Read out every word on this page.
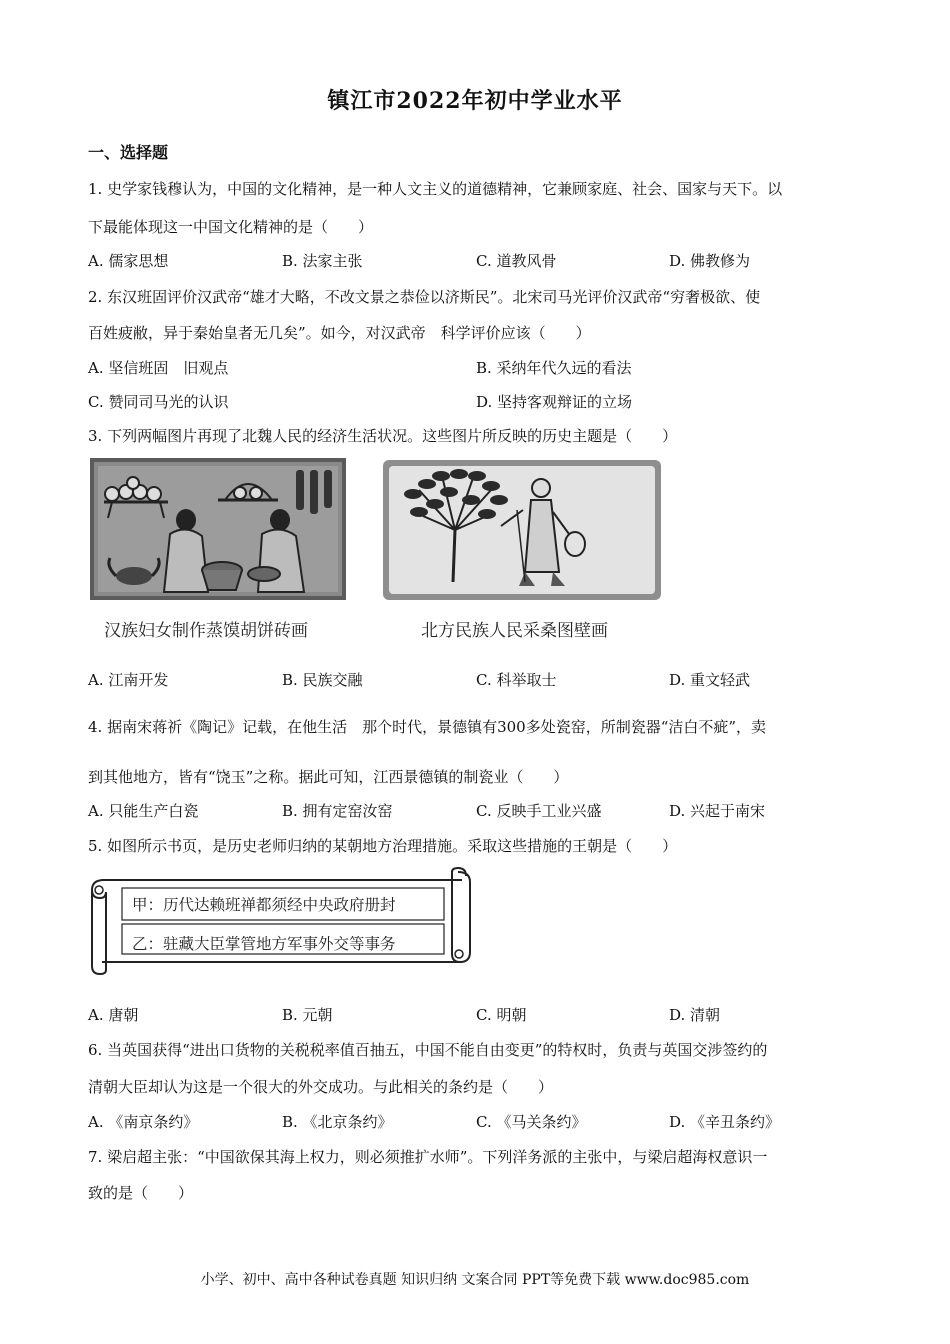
镇江市2022年初中学业水平
一、选择题
1. 史学家钱穆认为，中国的文化精神，是一种人文主义的道德精神，它兼顾家庭、社会、国家与天下。以
下最能体现这一中国文化精神的是（　　）
A. 儒家思想	B. 法家主张	C. 道教风骨	D. 佛教修为
2. 东汉班固评价汉武帝“雄才大略，不改文景之恭俭以济斯民”。北宋司马光评价汉武帝“穷奢极欲、使
百姓疲敝，异于秦始皇者无几矣”。如今，对汉武帝　科学评价应该（　　）
A. 坚信班固　旧观点	B. 采纳年代久远的看法
C. 赞同司马光的认识	D. 坚持客观辩证的立场
3. 下列两幅图片再现了北魏人民的经济生活状况。这些图片所反映的历史主题是（　　）
汉族妇女制作蒸馍胡饼砖画	北方民族人民采桑图壁画
A. 江南开发	B. 民族交融	C. 科举取士	D. 重文轻武
4. 据南宋蒋祈《陶记》记载，在他生活　那个时代，景德镇有300多处瓷窑，所制瓷器“洁白不疵”，卖
到其他地方，皆有“饶玉”之称。据此可知，江西景德镇的制瓷业（　　）
A. 只能生产白瓷	B. 拥有定窑汝窑	C. 反映手工业兴盛	D. 兴起于南宋
5. 如图所示书页，是历史老师归纳的某朝地方治理措施。采取这些措施的王朝是（　　）
甲：历代达赖班禅都须经中央政府册封
乙：驻藏大臣掌管地方军事外交等事务
A. 唐朝	B. 元朝	C. 明朝	D. 清朝
6. 当英国获得“进出口货物的关税税率值百抽五，中国不能自由变更”的特权时，负责与英国交涉签约的
清朝大臣却认为这是一个很大的外交成功。与此相关的条约是（　　）
A. 《南京条约》	B. 《北京条约》	C. 《马关条约》	D. 《辛丑条约》
7. 梁启超主张：“中国欲保其海上权力，则必须推扩水师”。下列洋务派的主张中，与梁启超海权意识一
致的是（　　）
小学、初中、高中各种试卷真题 知识归纳 文案合同 PPT等免费下载 www.doc985.com
